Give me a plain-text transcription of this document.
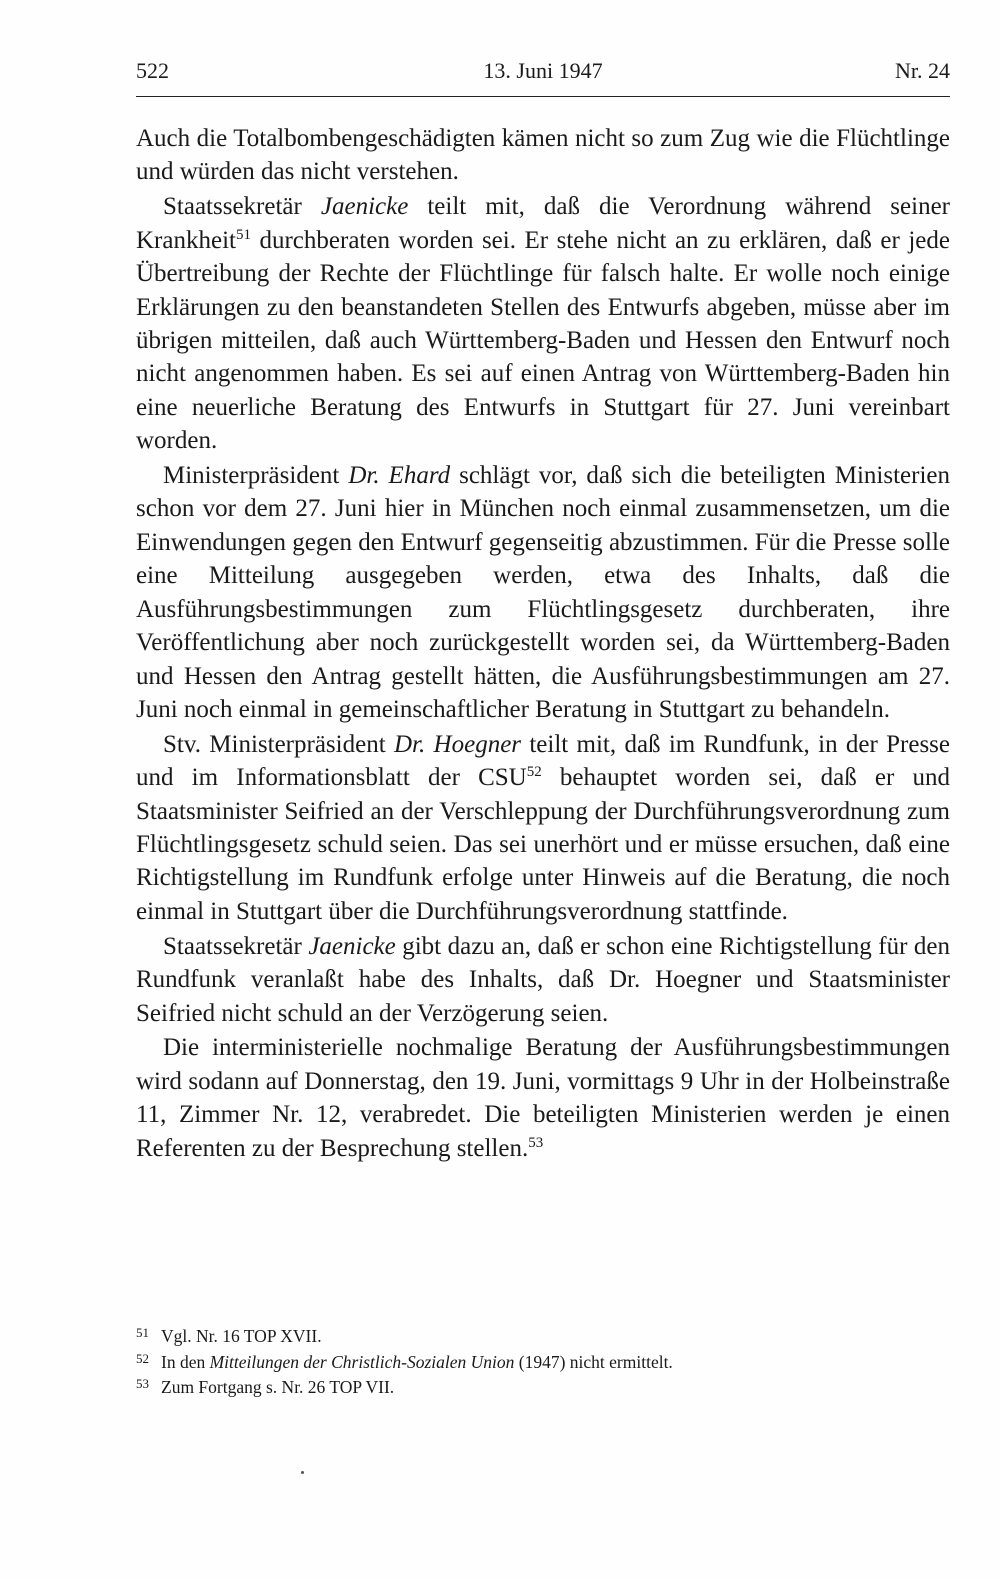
522	13. Juni 1947	Nr. 24

Auch die Totalbombengeschädigten kämen nicht so zum Zug wie die Flüchtlinge und würden das nicht verstehen.

Staatssekretär Jaenicke teilt mit, daß die Verordnung während seiner Krankheit$^{51}$ durchberaten worden sei. Er stehe nicht an zu erklären, daß er jede Übertreibung der Rechte der Flüchtlinge für falsch halte. Er wolle noch einige Erklärungen zu den beanstandeten Stellen des Entwurfs abgeben, müsse aber im übrigen mitteilen, daß auch Württemberg-Baden und Hessen den Entwurf noch nicht angenommen haben. Es sei auf einen Antrag von Württemberg-Baden hin eine neuerliche Beratung des Entwurfs in Stuttgart für 27. Juni vereinbart worden.

Ministerpräsident Dr. Ehard schlägt vor, daß sich die beteiligten Ministerien schon vor dem 27. Juni hier in München noch einmal zusammensetzen, um die Einwendungen gegen den Entwurf gegenseitig abzustimmen. Für die Presse solle eine Mitteilung ausgegeben werden, etwa des Inhalts, daß die Ausführungsbestimmungen zum Flüchtlingsgesetz durchberaten, ihre Veröffentlichung aber noch zurückgestellt worden sei, da Württemberg-Baden und Hessen den Antrag gestellt hätten, die Ausführungsbestimmungen am 27. Juni noch einmal in gemeinschaftlicher Beratung in Stuttgart zu behandeln.

Stv. Ministerpräsident Dr. Hoegner teilt mit, daß im Rundfunk, in der Presse und im Informationsblatt der CSU$^{52}$ behauptet worden sei, daß er und Staatsminister Seifried an der Verschleppung der Durchführungsverordnung zum Flüchtlingsgesetz schuld seien. Das sei unerhört und er müsse ersuchen, daß eine Richtigstellung im Rundfunk erfolge unter Hinweis auf die Beratung, die noch einmal in Stuttgart über die Durchführungsverordnung stattfinde.

Staatssekretär Jaenicke gibt dazu an, daß er schon eine Richtigstellung für den Rundfunk veranlaßt habe des Inhalts, daß Dr. Hoegner und Staatsminister Seifried nicht schuld an der Verzögerung seien.

Die interministerielle nochmalige Beratung der Ausführungsbestimmungen wird sodann auf Donnerstag, den 19. Juni, vormittags 9 Uhr in der Holbeinstraße 11, Zimmer Nr. 12, verabredet. Die beteiligten Ministerien werden je einen Referenten zu der Besprechung stellen.$^{53}$

51 Vgl. Nr. 16 TOP XVII.
52 In den Mitteilungen der Christlich-Sozialen Union (1947) nicht ermittelt.
53 Zum Fortgang s. Nr. 26 TOP VII.
